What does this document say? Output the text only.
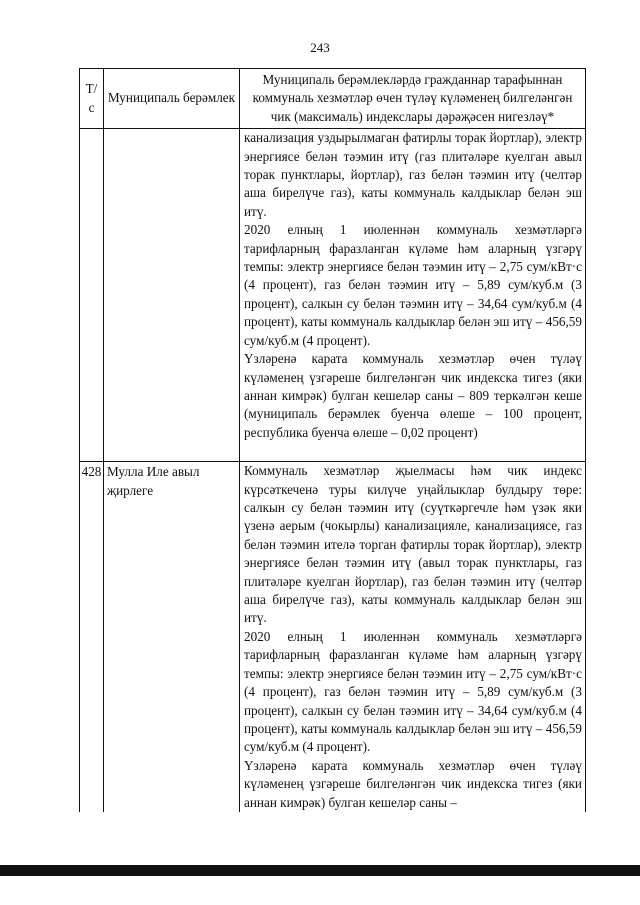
243
Т/с	Муниципаль берәмлек	Муниципаль берәмлекләрдә гражданнар тарафыннан коммуналь хезмәтләр өчен түләү күләменең билгеләнгән чик (максималь) индекслары дәрәҗәсен нигезләү*

		канализация уздырылмаган фатирлы торак йортлар), электр энергиясе белән тәэмин итү (газ плитәләре куелган авыл торак пунктлары, йортлар), газ белән тәэмин итү (челтәр аша бирелүче газ), каты коммуналь калдыклар белән эш итү.

2020 елның 1 июленнән коммуналь хезмәтләргә тарифларның фаразланган күләме һәм аларның үзгәрү темпы: электр энергиясе белән тәэмин итү – 2,75 сум/кВт·с (4 процент), газ белән тәэмин итү – 5,89 сум/куб.м (3 процент), салкын су белән тәэмин итү – 34,64 сум/куб.м (4 процент), каты коммуналь калдыклар белән эш итү – 456,59 сум/куб.м (4 процент).

Үзләренә карата коммуналь хезмәтләр өчен түләү күләменең үзгәреше билгеләнгән чик индекска тигез (яки аннан кимрәк) булган кешеләр саны – 809 теркәлгән кеше (муниципаль берәмлек буенча өлеше – 100 процент, республика буенча өлеше – 0,02 процент)

428	Мулла Иле авыл җирлеге	Коммуналь хезмәтләр җыелмасы һәм чик индекс күрсәткеченә туры килүче уңайлыклар булдыру төре: салкын су белән тәэмин итү (суүткәргечле һәм үзәк яки үзенә аерым (чокырлы) канализацияле, канализациясе, газ белән тәэмин ителә торган фатирлы торак йортлар), электр энергиясе белән тәэмин итү (авыл торак пунктлары, газ плитәләре куелган йортлар), газ белән тәэмин итү (челтәр аша бирелүче газ), каты коммуналь калдыклар белән эш итү.

2020 елның 1 июленнән коммуналь хезмәтләргә тарифларның фаразланган күләме һәм аларның үзгәрү темпы: электр энергиясе белән тәэмин итү – 2,75 сум/кВт·с (4 процент), газ белән тәэмин итү – 5,89 сум/куб.м (3 процент), салкын су белән тәэмин итү – 34,64 сум/куб.м (4 процент), каты коммуналь калдыклар белән эш итү – 456,59 сум/куб.м (4 процент).

Үзләренә карата коммуналь хезмәтләр өчен түләү күләменең үзгәреше билгеләнгән чик индекска тигез (яки аннан кимрәк) булган кешеләр саны –
